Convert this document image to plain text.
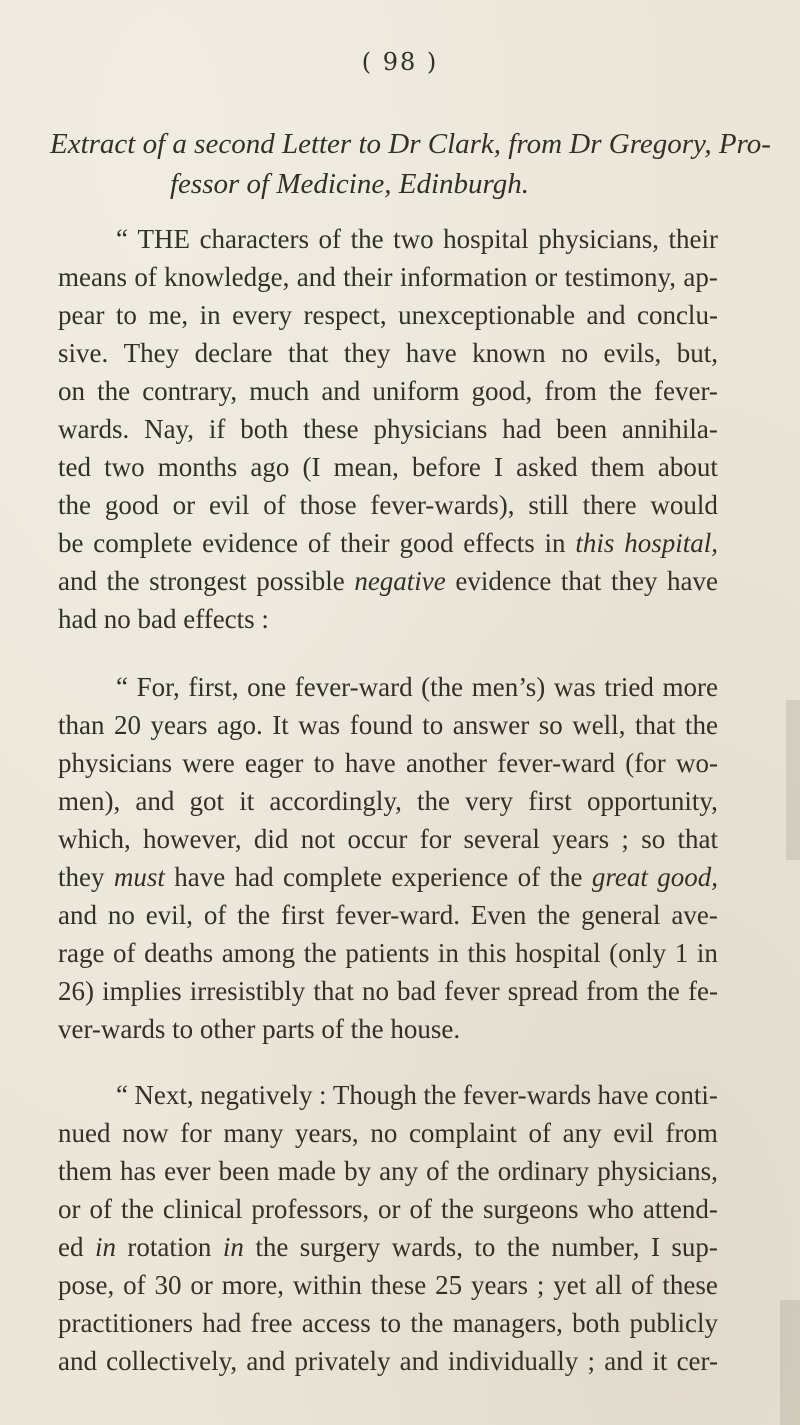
( 98 )
Extract of a second Letter to Dr Clark, from Dr Gregory, Pro-
fessor of Medicine, Edinburgh.
“ THE characters of the two hospital physicians, their
means of knowledge, and their information or testimony, ap-
pear to me, in every respect, unexceptionable and conclu-
sive. They declare that they have known no evils, but,
on the contrary, much and uniform good, from the fever-
wards. Nay, if both these physicians had been annihila-
ted two months ago (I mean, before I asked them about
the good or evil of those fever-wards), still there would
be complete evidence of their good effects in this hospital,
and the strongest possible negative evidence that they have
had no bad effects :
“ For, first, one fever-ward (the men’s) was tried more
than 20 years ago. It was found to answer so well, that the
physicians were eager to have another fever-ward (for wo-
men), and got it accordingly, the very first opportunity,
which, however, did not occur for several years ; so that
they must have had complete experience of the great good,
and no evil, of the first fever-ward. Even the general ave-
rage of deaths among the patients in this hospital (only 1 in
26) implies irresistibly that no bad fever spread from the fe-
ver-wards to other parts of the house.
“ Next, negatively : Though the fever-wards have conti-
nued now for many years, no complaint of any evil from
them has ever been made by any of the ordinary physicians,
or of the clinical professors, or of the surgeons who attend-
ed in rotation in the surgery wards, to the number, I sup-
pose, of 30 or more, within these 25 years ; yet all of these
practitioners had free access to the managers, both publicly
and collectively, and privately and individually ; and it cer-
